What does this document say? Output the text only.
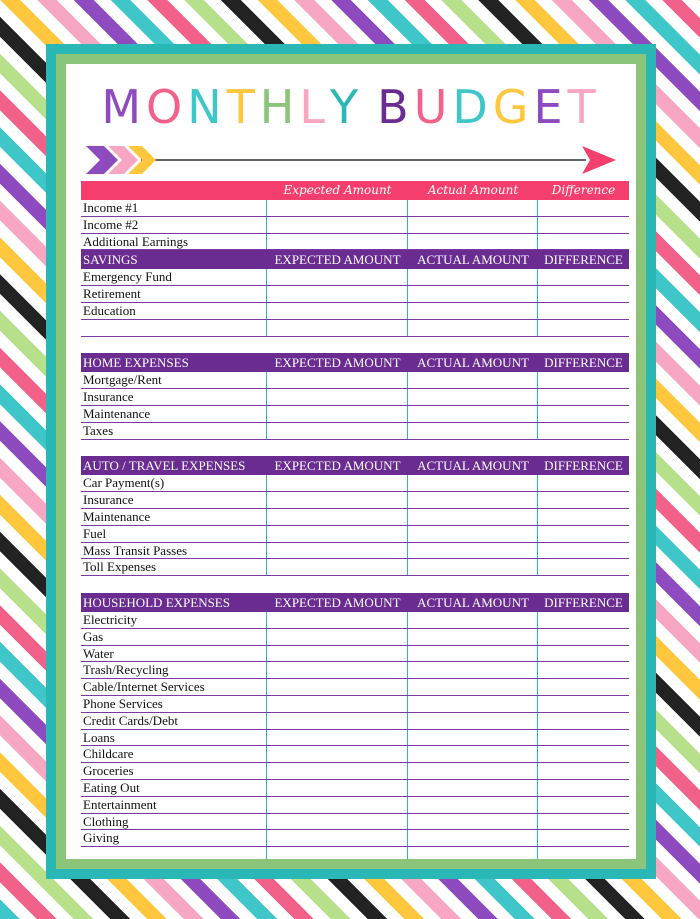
MONTHLY BUDGET
Expected Amount	Actual Amount	Difference
Income #1
Income #2
Additional Earnings
SAVINGS	EXPECTED AMOUNT	ACTUAL AMOUNT	DIFFERENCE
Emergency Fund
Retirement
Education
HOME EXPENSES	EXPECTED AMOUNT	ACTUAL AMOUNT	DIFFERENCE
Mortgage/Rent
Insurance
Maintenance
Taxes
AUTO / TRAVEL EXPENSES	EXPECTED AMOUNT	ACTUAL AMOUNT	DIFFERENCE
Car Payment(s)
Insurance
Maintenance
Fuel
Mass Transit Passes
Toll Expenses
HOUSEHOLD EXPENSES	EXPECTED AMOUNT	ACTUAL AMOUNT	DIFFERENCE
Electricity
Gas
Water
Trash/Recycling
Cable/Internet Services
Phone Services
Credit Cards/Debt
Loans
Childcare
Groceries
Eating Out
Entertainment
Clothing
Giving
